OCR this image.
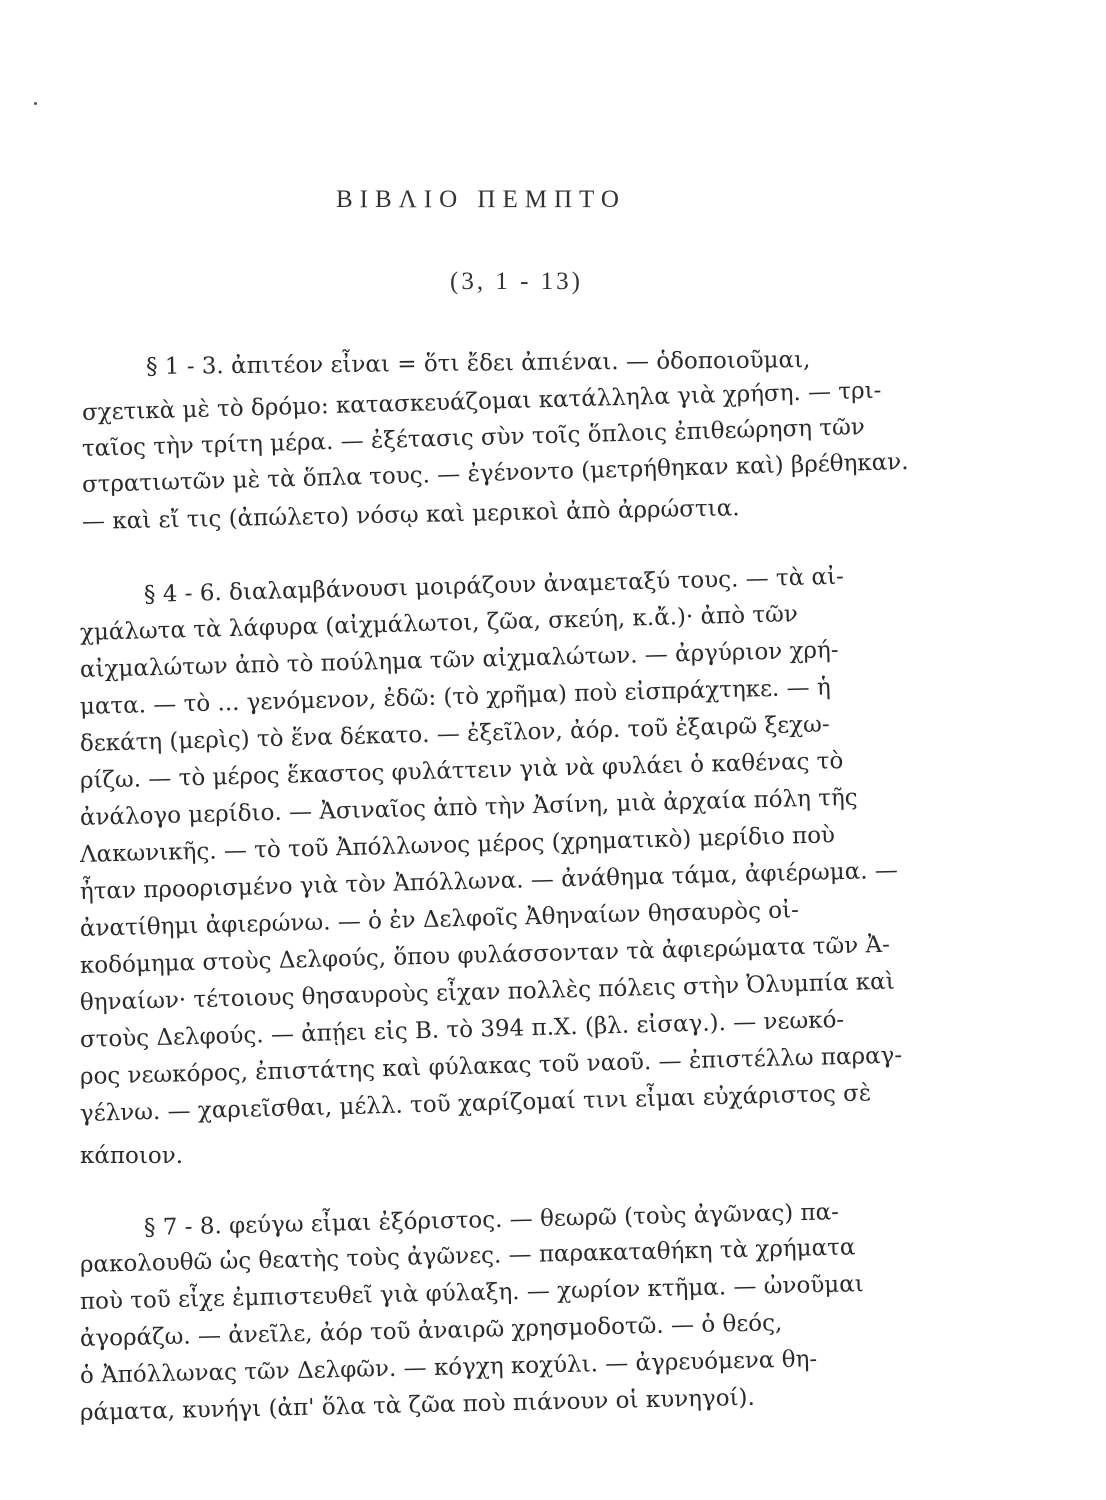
ΒΙΒΛΙΟ ΠΕΜΠΤΟ
(3, 1 - 13)
§ 1 - 3. ἀπιτέον εἶναι = ὅτι ἔδει ἀπιέναι. — ὁδοποιοῦμαι,
σχετικὰ μὲ τὸ δρόμο: κατασκευάζομαι κατάλληλα γιὰ χρήση. — τρι-
ταῖος τὴν τρίτη μέρα. — ἐξέτασις σὺν τοῖς ὅπλοις ἐπιθεώρηση τῶν
στρατιωτῶν μὲ τὰ ὅπλα τους. — ἐγένοντο (μετρήθηκαν καὶ) βρέθηκαν.
— καὶ εἴ τις (ἀπώλετο) νόσῳ καὶ μερικοὶ ἀπὸ ἀρρώστια.
§ 4 - 6. διαλαμβάνουσι μοιράζουν ἀναμεταξύ τους. — τὰ αἰ-
χμάλωτα τὰ λάφυρα (αἰχμάλωτοι, ζῶα, σκεύη, κ.ἄ.)· ἀπὸ τῶν
αἰχμαλώτων ἀπὸ τὸ πούλημα τῶν αἰχμαλώτων. — ἀργύριον χρή-
ματα. — τὸ ... γενόμενον, ἐδῶ: (τὸ χρῆμα) ποὺ εἰσπράχτηκε. — ἡ
δεκάτη (μερὶς) τὸ ἕνα δέκατο. — ἐξεῖλον, ἀόρ. τοῦ ἐξαιρῶ ξεχω-
ρίζω. — τὸ μέρος ἕκαστος φυλάττειν γιὰ νὰ φυλάει ὁ καθένας τὸ
ἀνάλογο μερίδιο. — Ἀσιναῖος ἀπὸ τὴν Ἀσίνη, μιὰ ἀρχαία πόλη τῆς
Λακωνικῆς. — τὸ τοῦ Ἀπόλλωνος μέρος (χρηματικὸ) μερίδιο ποὺ
ἦταν προορισμένο γιὰ τὸν Ἀπόλλωνα. — ἀνάθημα τάμα, ἀφιέρωμα. —
ἀνατίθημι ἀφιερώνω. — ὁ ἐν Δελφοῖς Ἀθηναίων θησαυρὸς οἰ-
κοδόμημα στοὺς Δελφούς, ὅπου φυλάσσονταν τὰ ἀφιερώματα τῶν Ἀ-
θηναίων· τέτοιους θησαυροὺς εἶχαν πολλὲς πόλεις στὴν Ὀλυμπία καὶ
στοὺς Δελφούς. — ἀπῄει εἰς Β. τὸ 394 π.Χ. (βλ. εἰσαγ.). — νεωκό-
ρος νεωκόρος, ἐπιστάτης καὶ φύλακας τοῦ ναοῦ. — ἐπιστέλλω παραγ-
γέλνω. — χαριεῖσθαι, μέλλ. τοῦ χαρίζομαί τινι εἶμαι εὐχάριστος σὲ
κάποιον.
§ 7 - 8. φεύγω εἶμαι ἐξόριστος. — θεωρῶ (τοὺς ἀγῶνας) πα-
ρακολουθῶ ὡς θεατὴς τοὺς ἀγῶνες. — παρακαταθήκη τὰ χρήματα
ποὺ τοῦ εἶχε ἐμπιστευθεῖ γιὰ φύλαξη. — χωρίον κτῆμα. — ὠνοῦμαι
ἀγοράζω. — ἀνεῖλε, ἀόρ τοῦ ἀναιρῶ χρησμοδοτῶ. — ὁ θεός,
ὁ Ἀπόλλωνας τῶν Δελφῶν. — κόγχη κοχύλι. — ἀγρευόμενα θη-
ράματα, κυνήγι (ἀπ' ὅλα τὰ ζῶα ποὺ πιάνουν οἱ κυνηγοί).
